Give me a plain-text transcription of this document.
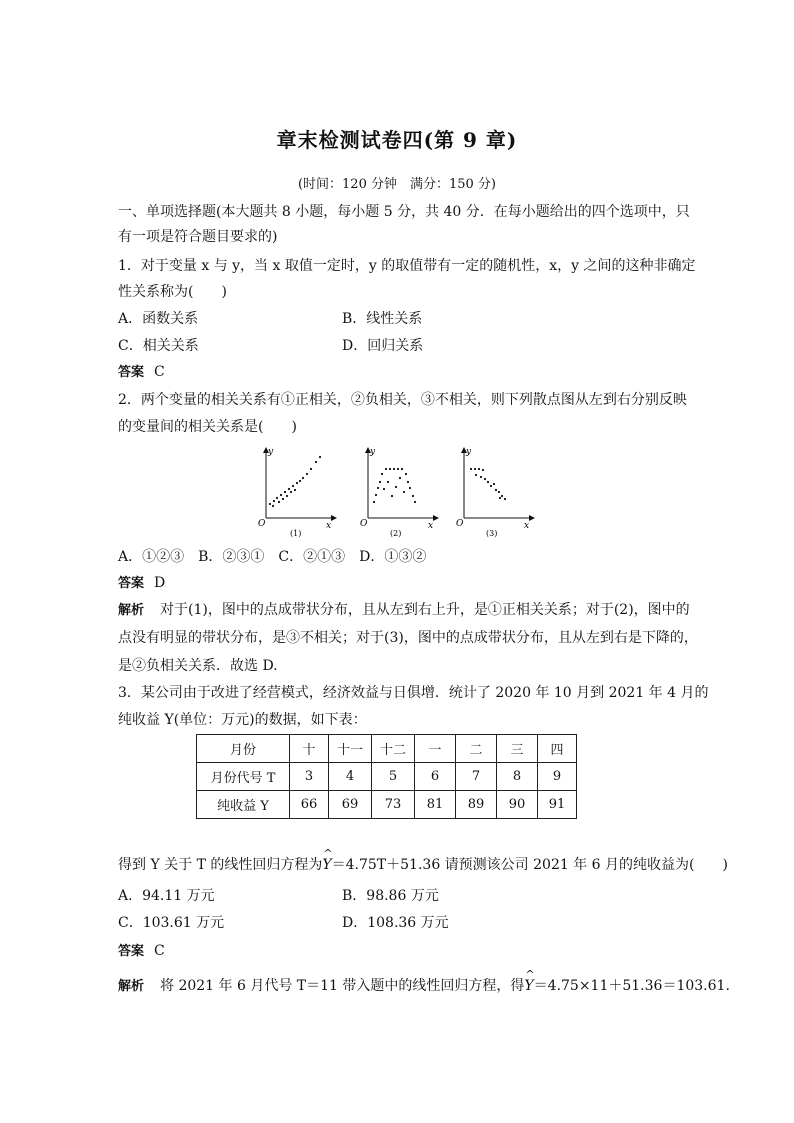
章末检测试卷四(第 9 章)
(时间：120 分钟　满分：150 分)
一、单项选择题(本大题共 8 小题，每小题 5 分，共 40 分．在每小题给出的四个选项中，只
有一项是符合题目要求的)
1．对于变量 x 与 y，当 x 取值一定时，y 的取值带有一定的随机性，x，y 之间的这种非确定
性关系称为(　　)
A．函数关系	B．线性关系
C．相关关系	D．回归关系
答案 C
2．两个变量的相关关系有①正相关，②负相关，③不相关，则下列散点图从左到右分别反映
的变量间的相关关系是(　　)
y
x
O
(1)
y
x
O
(2)
y
x
O
(3)
A．①②③　B．②③①　C．②①③　D．①③②
答案 D
解析 对于(1)，图中的点成带状分布，且从左到右上升，是①正相关关系；对于(2)，图中的
点没有明显的带状分布，是③不相关；对于(3)，图中的点成带状分布，且从左到右是下降的，
是②负相关关系．故选 D.
3．某公司由于改进了经营模式，经济效益与日俱增．统计了 2020 年 10 月到 2021 年 4 月的
纯收益 Y(单位：万元)的数据，如下表：
月份	十	十一	十二	一	二	三	四
月份代号 T	3	4	5	6	7	8	9
纯收益 Y	66	69	73	81	89	90	91
得到 Y 关于 T 的线性回归方程为
^
Y＝4.75T＋51.36 请预测该公司 2021 年 6 月的纯收益为(　　)
A．94.11 万元	B．98.86 万元
C．103.61 万元	D．108.36 万元
答案 C
解析 将 2021 年 6 月代号 T＝11 带入题中的线性回归方程，得
^
Y＝4.75×11＋51.36＝103.61.
